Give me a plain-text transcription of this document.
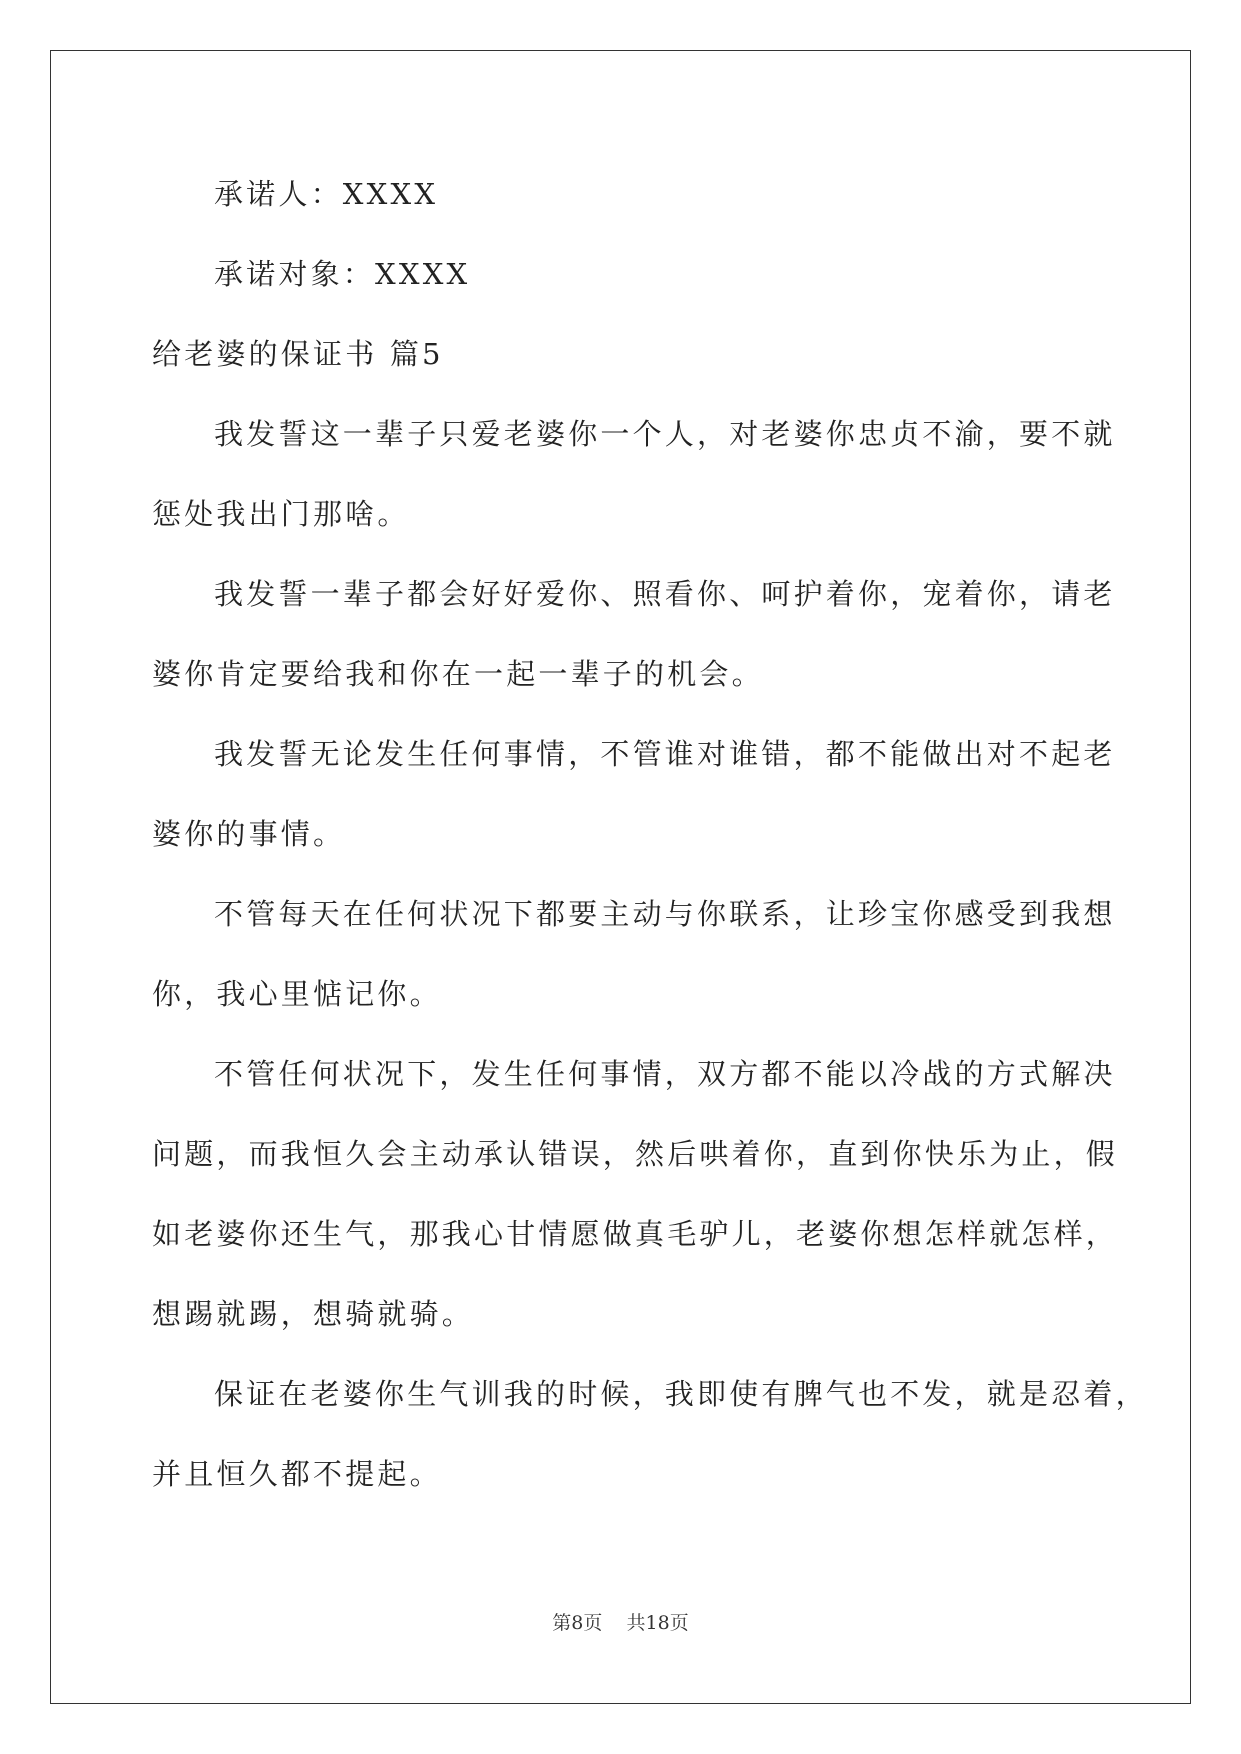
承诺人：XXXX
承诺对象：XXXX
给老婆的保证书 篇5
我发誓这一辈子只爱老婆你一个人，对老婆你忠贞不渝，要不就
惩处我出门那啥。
我发誓一辈子都会好好爱你、照看你、呵护着你，宠着你，请老
婆你肯定要给我和你在一起一辈子的机会。
我发誓无论发生任何事情，不管谁对谁错，都不能做出对不起老
婆你的事情。
不管每天在任何状况下都要主动与你联系，让珍宝你感受到我想
你，我心里惦记你。
不管任何状况下，发生任何事情，双方都不能以冷战的方式解决
问题，而我恒久会主动承认错误，然后哄着你，直到你快乐为止，假
如老婆你还生气，那我心甘情愿做真毛驴儿，老婆你想怎样就怎样，
想踢就踢，想骑就骑。
保证在老婆你生气训我的时候，我即使有脾气也不发，就是忍着，
并且恒久都不提起。
第8页    共18页
